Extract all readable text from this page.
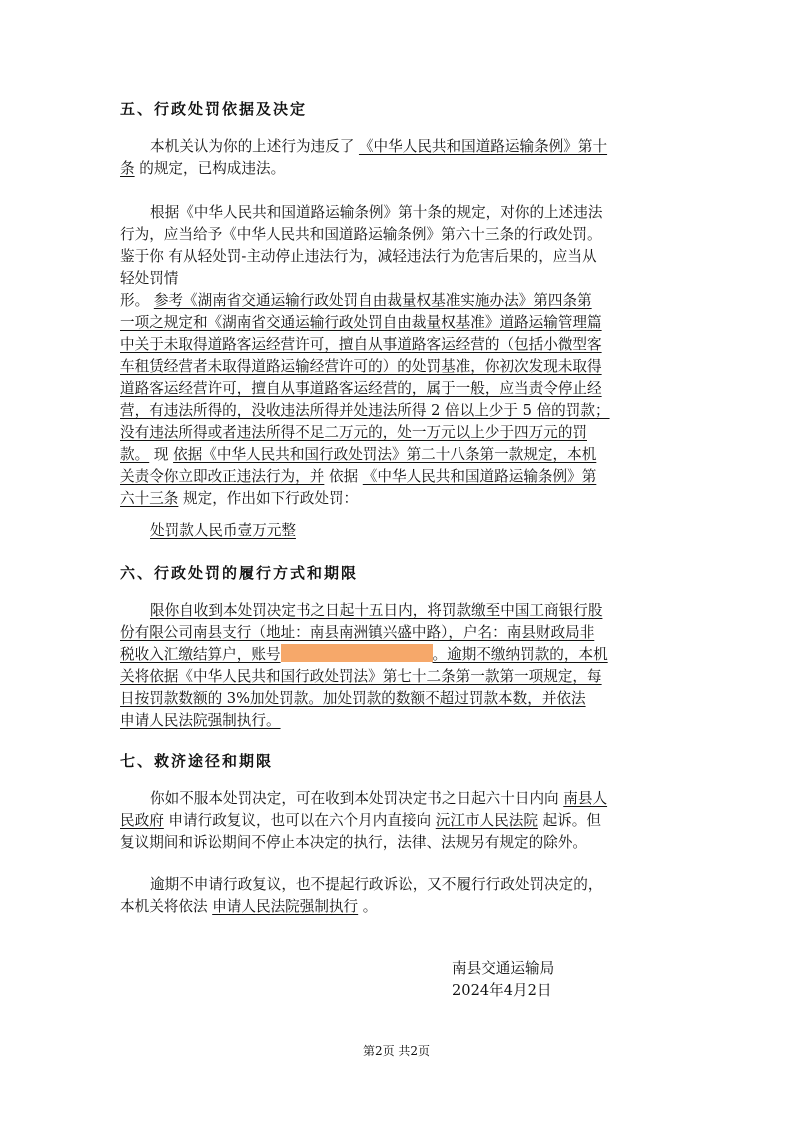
五、行政处罚依据及决定
本机关认为你的上述行为违反了 《中华人民共和国道路运输条例》第十
条 的规定，已构成违法。
根据《中华人民共和国道路运输条例》第十条的规定，对你的上述违法
行为，应当给予《中华人民共和国道路运输条例》第六十三条的行政处罚。
鉴于你 有从轻处罚-主动停止违法行为，减轻违法行为危害后果的，应当从
轻处罚情
形。 参考《湖南省交通运输行政处罚自由裁量权基准实施办法》第四条第
一项之规定和《湖南省交通运输行政处罚自由裁量权基准》道路运输管理篇
中关于未取得道路客运经营许可，擅自从事道路客运经营的（包括小微型客
车租赁经营者未取得道路运输经营许可的）的处罚基准，你初次发现未取得
道路客运经营许可，擅自从事道路客运经营的，属于一般，应当责令停止经
营，有违法所得的，没收违法所得并处违法所得 2 倍以上少于 5 倍的罚款；
没有违法所得或者违法所得不足二万元的，处一万元以上少于四万元的罚
款。 现 依据《中华人民共和国行政处罚法》第二十八条第一款规定，本机
关责令你立即改正违法行为，并 依据 《中华人民共和国道路运输条例》第
六十三条 规定，作出如下行政处罚：
处罚款人民币壹万元整
六、行政处罚的履行方式和期限
限你自收到本处罚决定书之日起十五日内，将罚款缴至中国工商银行股
份有限公司南县支行（地址：南县南洲镇兴盛中路），户名：南县财政局非
税收入汇缴结算户，账号	。逾期不缴纳罚款的，本机
关将依据《中华人民共和国行政处罚法》第七十二条第一款第一项规定，每
日按罚款数额的 3%加处罚款。加处罚款的数额不超过罚款本数，并依法
申请人民法院强制执行。
七、救济途径和期限
你如不服本处罚决定，可在收到本处罚决定书之日起六十日内向 南县人
民政府 申请行政复议，也可以在六个月内直接向 沅江市人民法院 起诉。但
复议期间和诉讼期间不停止本决定的执行，法律、法规另有规定的除外。
逾期不申请行政复议，也不提起行政诉讼，又不履行行政处罚决定的，
本机关将依法 申请人民法院强制执行 。
南县交通运输局
2024年4月2日
第2页 共2页
